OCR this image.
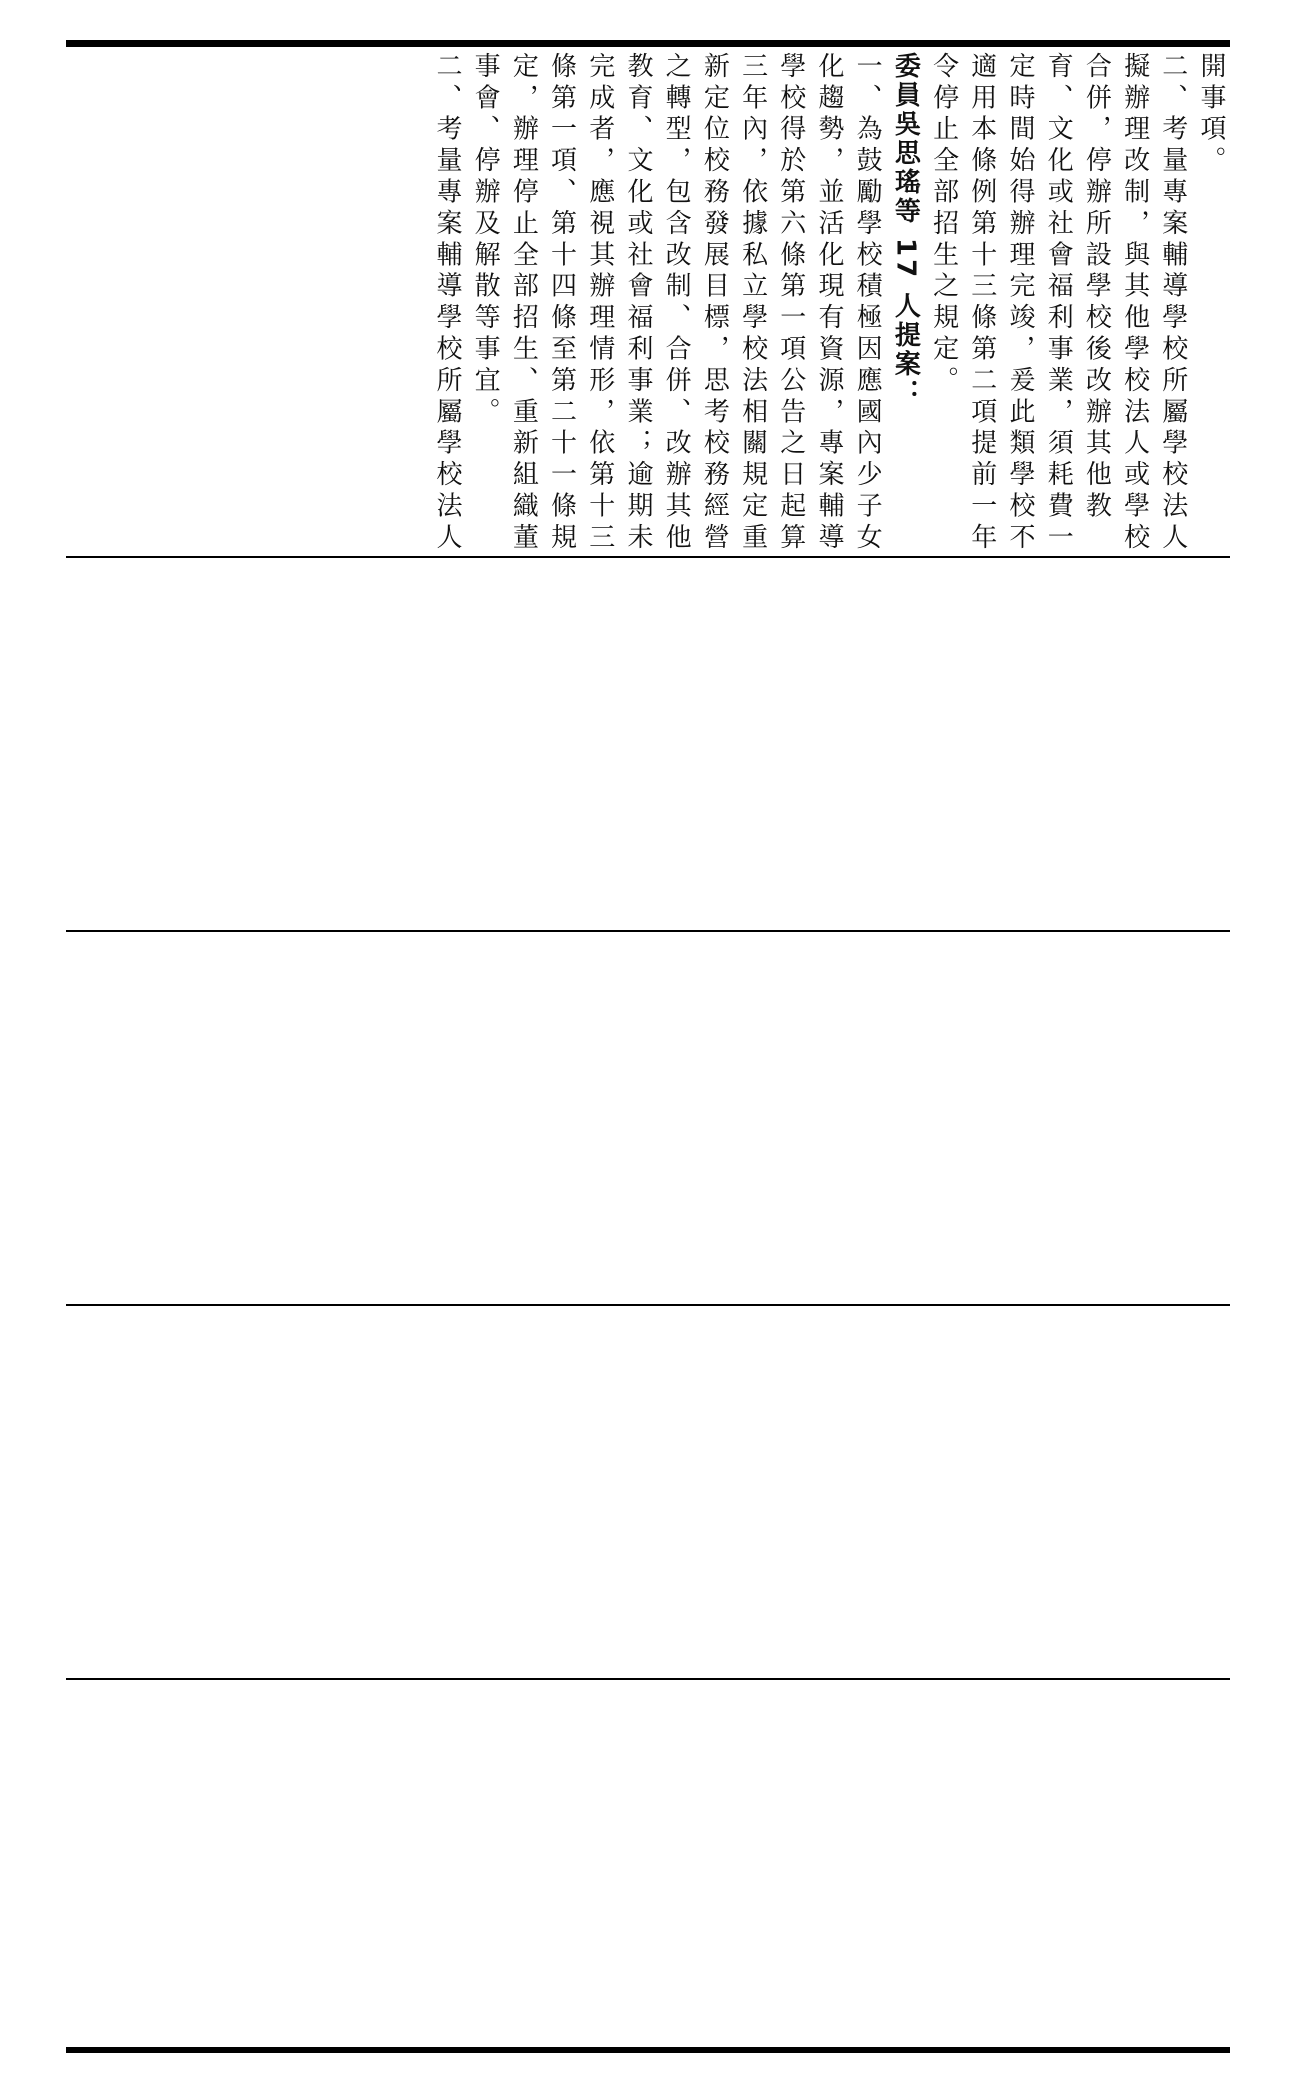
開事項。

二、考量專案輔導學校所屬學校法人擬辦理改制，與其他學校法人或學校合併，停辦所設學校後改辦其他教育、文化或社會福利事業，須耗費一定時間始得辦理完竣，爰此類學校不適用本條例第十三條第二項提前一年令停止全部招生之規定。

委員吳思瑤等 17 人提案：

一、為鼓勵學校積極因應國內少子女化趨勢，並活化現有資源，專案輔導學校得於第六條第一項公告之日起算三年內，依據私立學校法相關規定重新定位校務發展目標，思考校務經營之轉型，包含改制、合併、改辦其他教育、文化或社會福利事業；逾期未完成者，應視其辦理情形，依第十三條第一項、第十四條至第二十一條規定，辦理停止全部招生、重新組織董事會、停辦及解散等事宜。

二、考量專案輔導學校所屬學校法人
